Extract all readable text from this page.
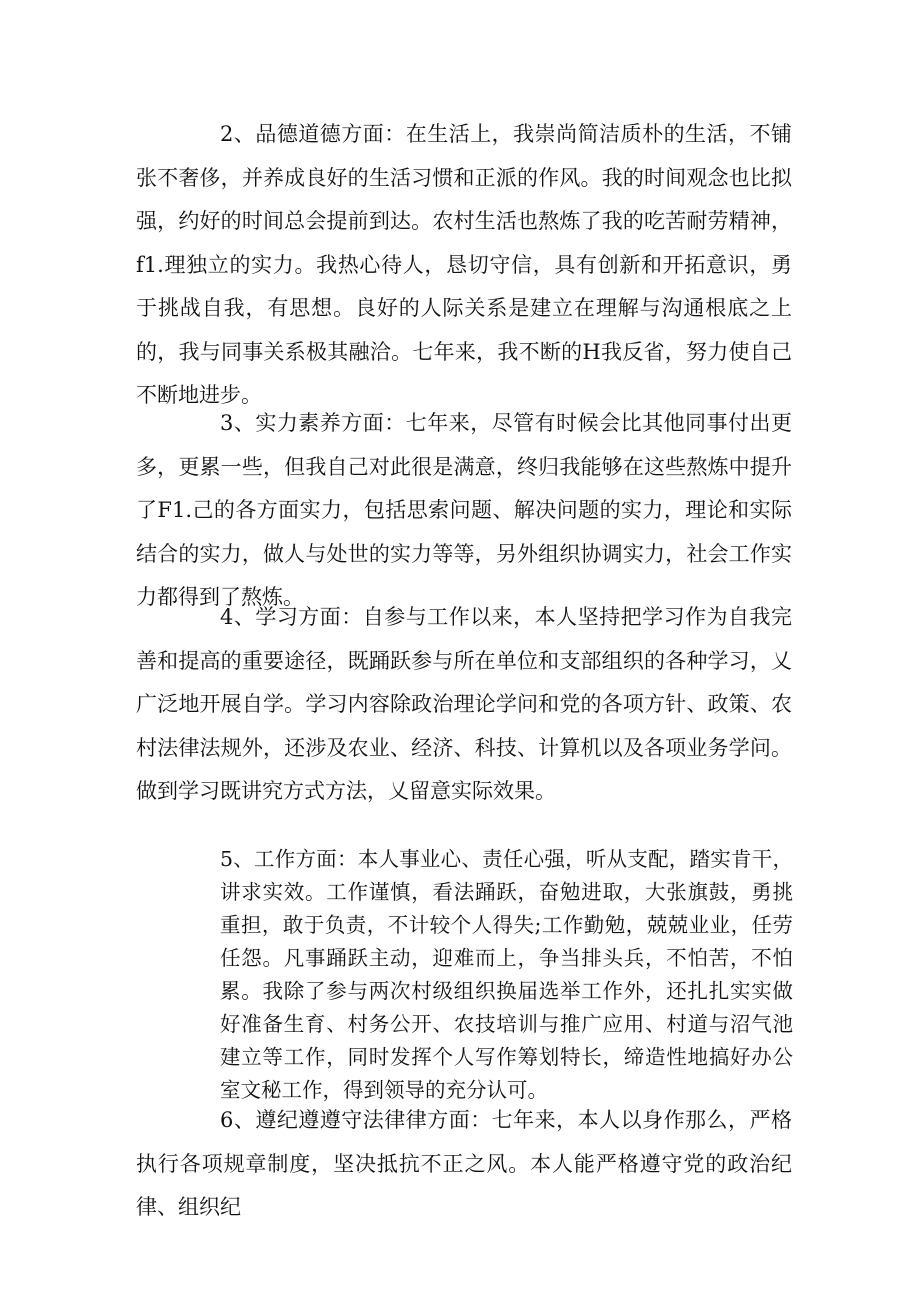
2、品德道德方面：在生活上，我崇尚简洁质朴的生活，不铺张不奢侈，并养成良好的生活习惯和正派的作风。我的时间观念也比拟强，约好的时间总会提前到达。农村生活也熬炼了我的吃苦耐劳精神，f1.理独立的实力。我热心待人，恳切守信，具有创新和开拓意识，勇于挑战自我，有思想。良好的人际关系是建立在理解与沟通根底之上的，我与同事关系极其融洽。七年来，我不断的H我反省，努力使自己不断地进步。

3、实力素养方面：七年来，尽管有时候会比其他同事付出更多，更累一些，但我自己对此很是满意，终归我能够在这些熬炼中提升了F1.己的各方面实力，包括思索问题、解决问题的实力，理论和实际结合的实力，做人与处世的实力等等，另外组织协调实力，社会工作实力都得到了熬炼。

4、学习方面：自参与工作以来，本人坚持把学习作为自我完善和提高的重要途径，既踊跃参与所在单位和支部组织的各种学习，乂广泛地开展自学。学习内容除政治理论学问和党的各项方针、政策、农村法律法规外，还涉及农业、经济、科技、计算机以及各项业务学问。做到学习既讲究方式方法，乂留意实际效果。

5、工作方面：本人事业心、责任心强，听从支配，踏实肯干，讲求实效。工作谨慎，看法踊跃，奋勉进取，大张旗鼓，勇挑重担，敢于负责，不计较个人得失;工作勤勉，兢兢业业，任劳任怨。凡事踊跃主动，迎难而上，争当排头兵，不怕苦，不怕累。我除了参与两次村级组织换届选举工作外，还扎扎实实做好准备生育、村务公开、农技培训与推广应用、村道与沼气池建立等工作，同时发挥个人写作筹划特长，缔造性地搞好办公室文秘工作，得到领导的充分认可。

6、遵纪遵遵守法律律方面：七年来，本人以身作那么，严格执行各项规章制度，坚决抵抗不正之风。本人能严格遵守党的政治纪律、组织纪
